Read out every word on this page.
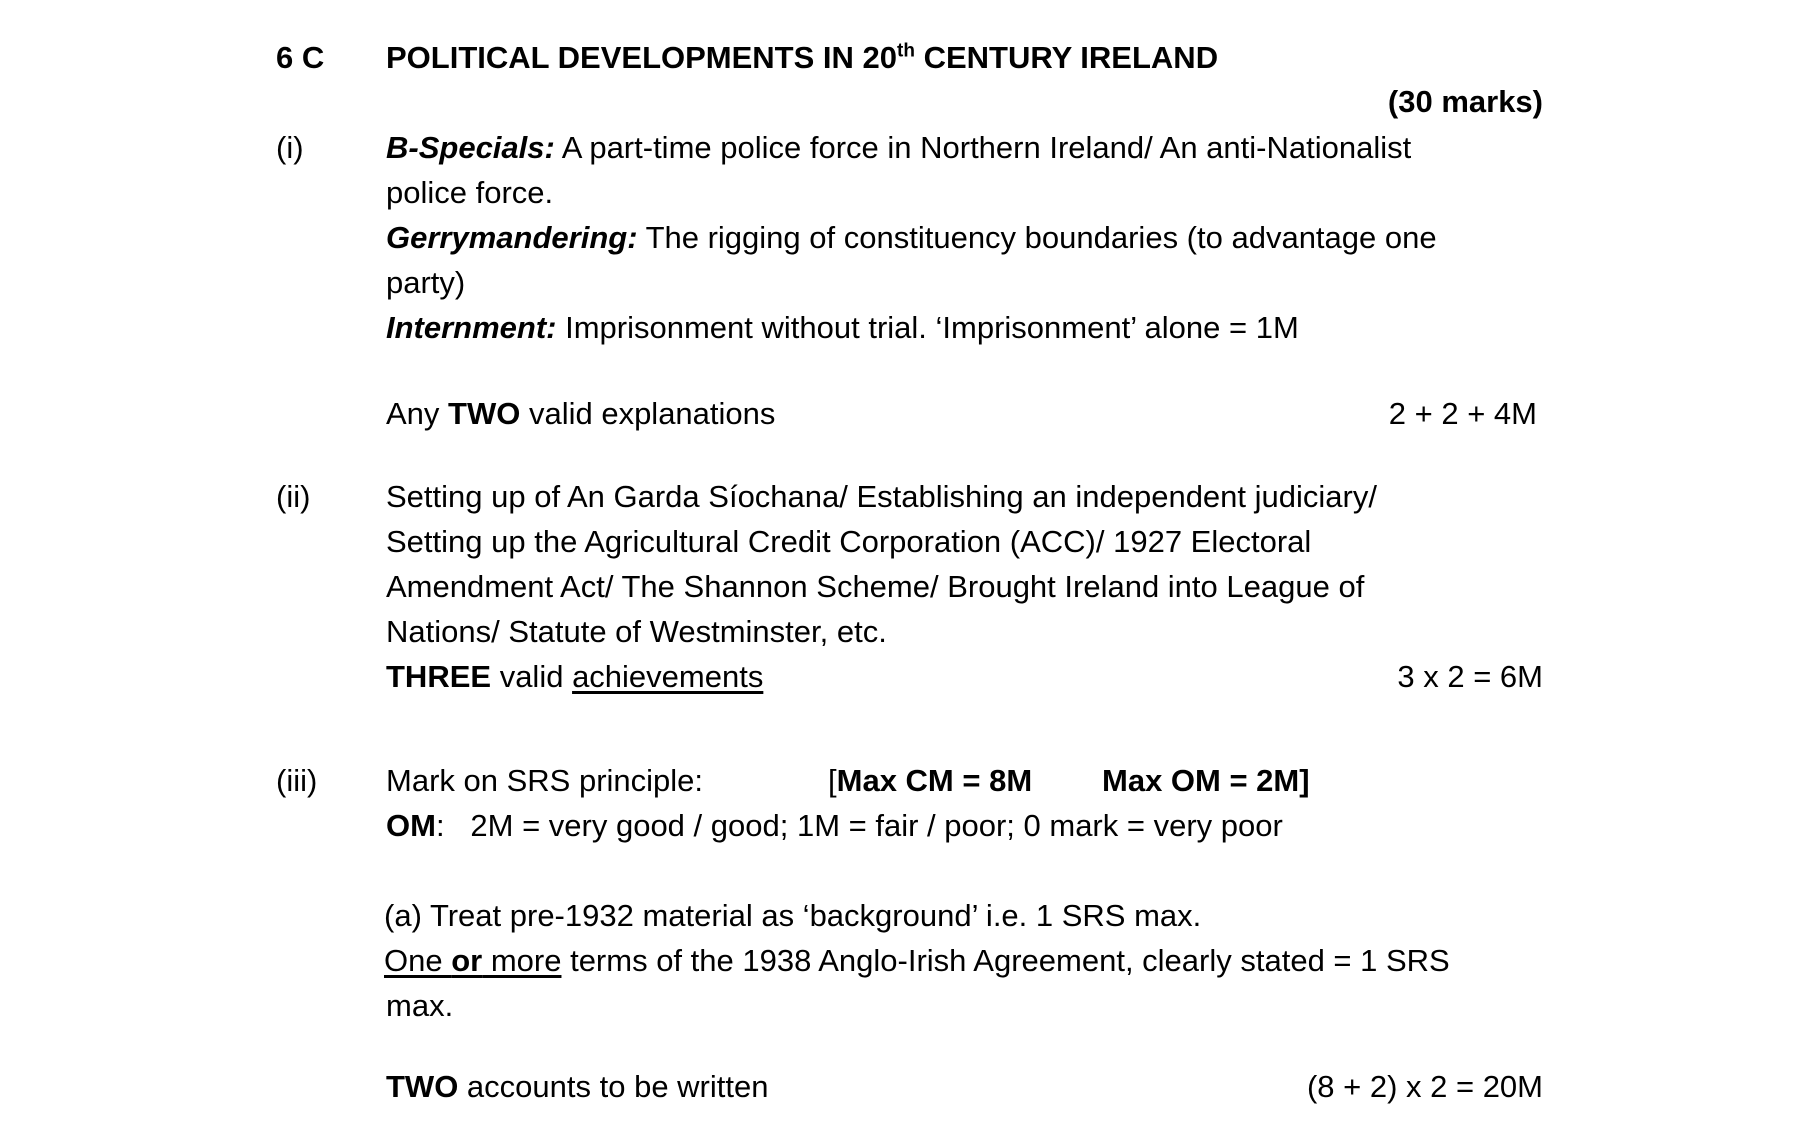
6 C POLITICAL DEVELOPMENTS IN 20th CENTURY IRELAND
(30 marks)
(i)	B-Specials: A part-time police force in Northern Ireland/ An anti-Nationalist
police force.
Gerrymandering: The rigging of constituency boundaries (to advantage one
party)
Internment: Imprisonment without trial. ‘Imprisonment’ alone = 1M
Any TWO valid explanations	2 + 2 + 4M
(ii) Setting up of An Garda Síochana/ Establishing an independent judiciary/
Setting up the Agricultural Credit Corporation (ACC)/ 1927 Electoral
Amendment Act/ The Shannon Scheme/ Brought Ireland into League of
Nations/ Statute of Westminster, etc.
THREE valid achievements	3 x 2 = 6M
(iii) Mark on SRS principle:	[Max CM = 8M Max OM = 2M]
OM:   2M = very good / good; 1M = fair / poor; 0 mark = very poor
(a) Treat pre-1932 material as ‘background’ i.e. 1 SRS max.
One or more terms of the 1938 Anglo-Irish Agreement, clearly stated = 1 SRS
max.
TWO accounts to be written	(8 + 2) x 2 = 20M
